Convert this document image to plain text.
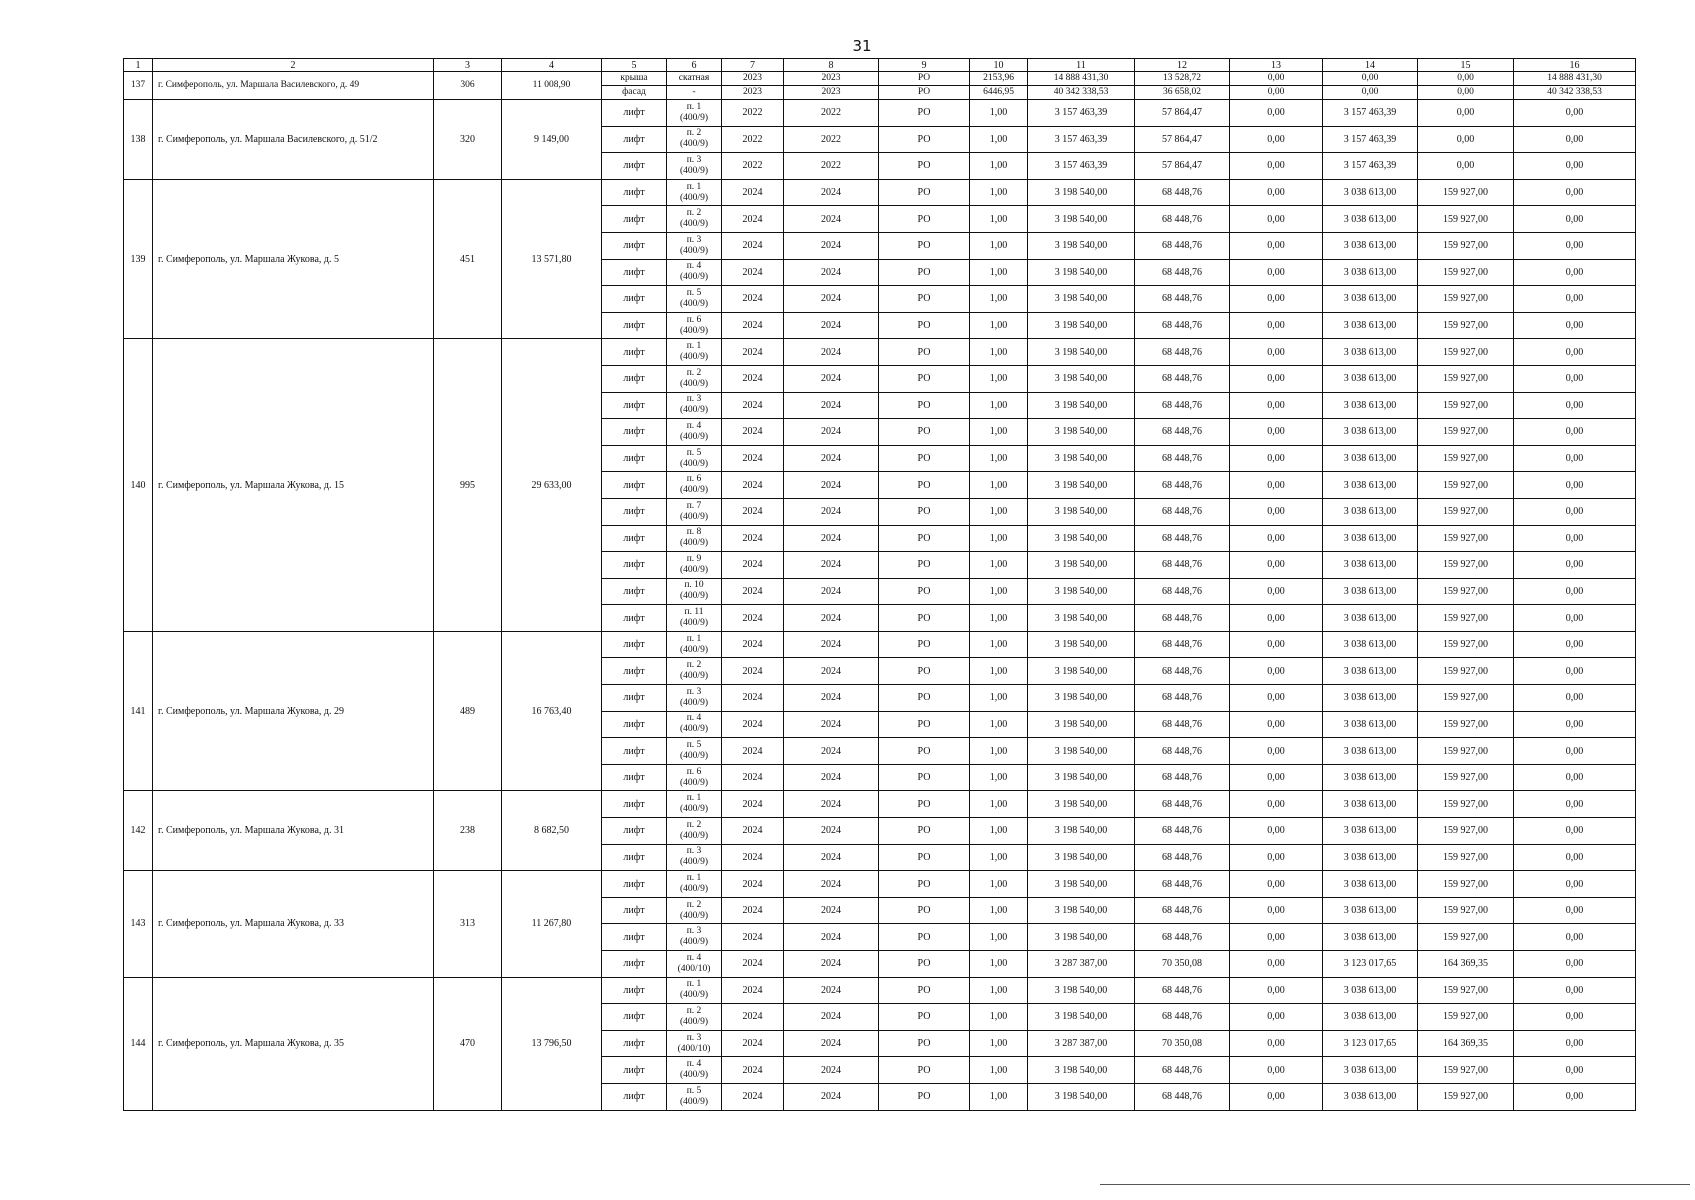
31
1	2	3	4	5	6	7	8	9	10	11	12	13	14	15	16
137	г. Симферополь, ул. Маршала Василевского, д. 49	306	11 008,90	крыша	скатная	2023	2023	РО	2153,96	14 888 431,30	13 528,72	0,00	0,00	0,00	14 888 431,30
				фасад	-	2023	2023	РО	6446,95	40 342 338,53	36 658,02	0,00	0,00	0,00	40 342 338,53
138	г. Симферополь, ул. Маршала Василевского, д. 51/2	320	9 149,00	лифт	п. 1
(400/9)	2022	2022	РО	1,00	3 157 463,39	57 864,47	0,00	3 157 463,39	0,00	0,00
				лифт	п. 2
(400/9)	2022	2022	РО	1,00	3 157 463,39	57 864,47	0,00	3 157 463,39	0,00	0,00
				лифт	п. 3
(400/9)	2022	2022	РО	1,00	3 157 463,39	57 864,47	0,00	3 157 463,39	0,00	0,00
139	г. Симферополь, ул. Маршала Жукова, д. 5	451	13 571,80	лифт	п. 1
(400/9)	2024	2024	РО	1,00	3 198 540,00	68 448,76	0,00	3 038 613,00	159 927,00	0,00
				лифт	п. 2
(400/9)	2024	2024	РО	1,00	3 198 540,00	68 448,76	0,00	3 038 613,00	159 927,00	0,00
				лифт	п. 3
(400/9)	2024	2024	РО	1,00	3 198 540,00	68 448,76	0,00	3 038 613,00	159 927,00	0,00
				лифт	п. 4
(400/9)	2024	2024	РО	1,00	3 198 540,00	68 448,76	0,00	3 038 613,00	159 927,00	0,00
				лифт	п. 5
(400/9)	2024	2024	РО	1,00	3 198 540,00	68 448,76	0,00	3 038 613,00	159 927,00	0,00
				лифт	п. 6
(400/9)	2024	2024	РО	1,00	3 198 540,00	68 448,76	0,00	3 038 613,00	159 927,00	0,00
140	г. Симферополь, ул. Маршала Жукова, д. 15	995	29 633,00	лифт	п. 1
(400/9)	2024	2024	РО	1,00	3 198 540,00	68 448,76	0,00	3 038 613,00	159 927,00	0,00
				лифт	п. 2
(400/9)	2024	2024	РО	1,00	3 198 540,00	68 448,76	0,00	3 038 613,00	159 927,00	0,00
				лифт	п. 3
(400/9)	2024	2024	РО	1,00	3 198 540,00	68 448,76	0,00	3 038 613,00	159 927,00	0,00
				лифт	п. 4
(400/9)	2024	2024	РО	1,00	3 198 540,00	68 448,76	0,00	3 038 613,00	159 927,00	0,00
				лифт	п. 5
(400/9)	2024	2024	РО	1,00	3 198 540,00	68 448,76	0,00	3 038 613,00	159 927,00	0,00
				лифт	п. 6
(400/9)	2024	2024	РО	1,00	3 198 540,00	68 448,76	0,00	3 038 613,00	159 927,00	0,00
				лифт	п. 7
(400/9)	2024	2024	РО	1,00	3 198 540,00	68 448,76	0,00	3 038 613,00	159 927,00	0,00
				лифт	п. 8
(400/9)	2024	2024	РО	1,00	3 198 540,00	68 448,76	0,00	3 038 613,00	159 927,00	0,00
				лифт	п. 9
(400/9)	2024	2024	РО	1,00	3 198 540,00	68 448,76	0,00	3 038 613,00	159 927,00	0,00
				лифт	п. 10
(400/9)	2024	2024	РО	1,00	3 198 540,00	68 448,76	0,00	3 038 613,00	159 927,00	0,00
				лифт	п. 11
(400/9)	2024	2024	РО	1,00	3 198 540,00	68 448,76	0,00	3 038 613,00	159 927,00	0,00
141	г. Симферополь, ул. Маршала Жукова, д. 29	489	16 763,40	лифт	п. 1
(400/9)	2024	2024	РО	1,00	3 198 540,00	68 448,76	0,00	3 038 613,00	159 927,00	0,00
				лифт	п. 2
(400/9)	2024	2024	РО	1,00	3 198 540,00	68 448,76	0,00	3 038 613,00	159 927,00	0,00
				лифт	п. 3
(400/9)	2024	2024	РО	1,00	3 198 540,00	68 448,76	0,00	3 038 613,00	159 927,00	0,00
				лифт	п. 4
(400/9)	2024	2024	РО	1,00	3 198 540,00	68 448,76	0,00	3 038 613,00	159 927,00	0,00
				лифт	п. 5
(400/9)	2024	2024	РО	1,00	3 198 540,00	68 448,76	0,00	3 038 613,00	159 927,00	0,00
				лифт	п. 6
(400/9)	2024	2024	РО	1,00	3 198 540,00	68 448,76	0,00	3 038 613,00	159 927,00	0,00
142	г. Симферополь, ул. Маршала Жукова, д. 31	238	8 682,50	лифт	п. 1
(400/9)	2024	2024	РО	1,00	3 198 540,00	68 448,76	0,00	3 038 613,00	159 927,00	0,00
				лифт	п. 2
(400/9)	2024	2024	РО	1,00	3 198 540,00	68 448,76	0,00	3 038 613,00	159 927,00	0,00
				лифт	п. 3
(400/9)	2024	2024	РО	1,00	3 198 540,00	68 448,76	0,00	3 038 613,00	159 927,00	0,00
143	г. Симферополь, ул. Маршала Жукова, д. 33	313	11 267,80	лифт	п. 1
(400/9)	2024	2024	РО	1,00	3 198 540,00	68 448,76	0,00	3 038 613,00	159 927,00	0,00
				лифт	п. 2
(400/9)	2024	2024	РО	1,00	3 198 540,00	68 448,76	0,00	3 038 613,00	159 927,00	0,00
				лифт	п. 3
(400/9)	2024	2024	РО	1,00	3 198 540,00	68 448,76	0,00	3 038 613,00	159 927,00	0,00
				лифт	п. 4
(400/10)	2024	2024	РО	1,00	3 287 387,00	70 350,08	0,00	3 123 017,65	164 369,35	0,00
144	г. Симферополь, ул. Маршала Жукова, д. 35	470	13 796,50	лифт	п. 1
(400/9)	2024	2024	РО	1,00	3 198 540,00	68 448,76	0,00	3 038 613,00	159 927,00	0,00
				лифт	п. 2
(400/9)	2024	2024	РО	1,00	3 198 540,00	68 448,76	0,00	3 038 613,00	159 927,00	0,00
				лифт	п. 3
(400/10)	2024	2024	РО	1,00	3 287 387,00	70 350,08	0,00	3 123 017,65	164 369,35	0,00
				лифт	п. 4
(400/9)	2024	2024	РО	1,00	3 198 540,00	68 448,76	0,00	3 038 613,00	159 927,00	0,00
				лифт	п. 5
(400/9)	2024	2024	РО	1,00	3 198 540,00	68 448,76	0,00	3 038 613,00	159 927,00	0,00
